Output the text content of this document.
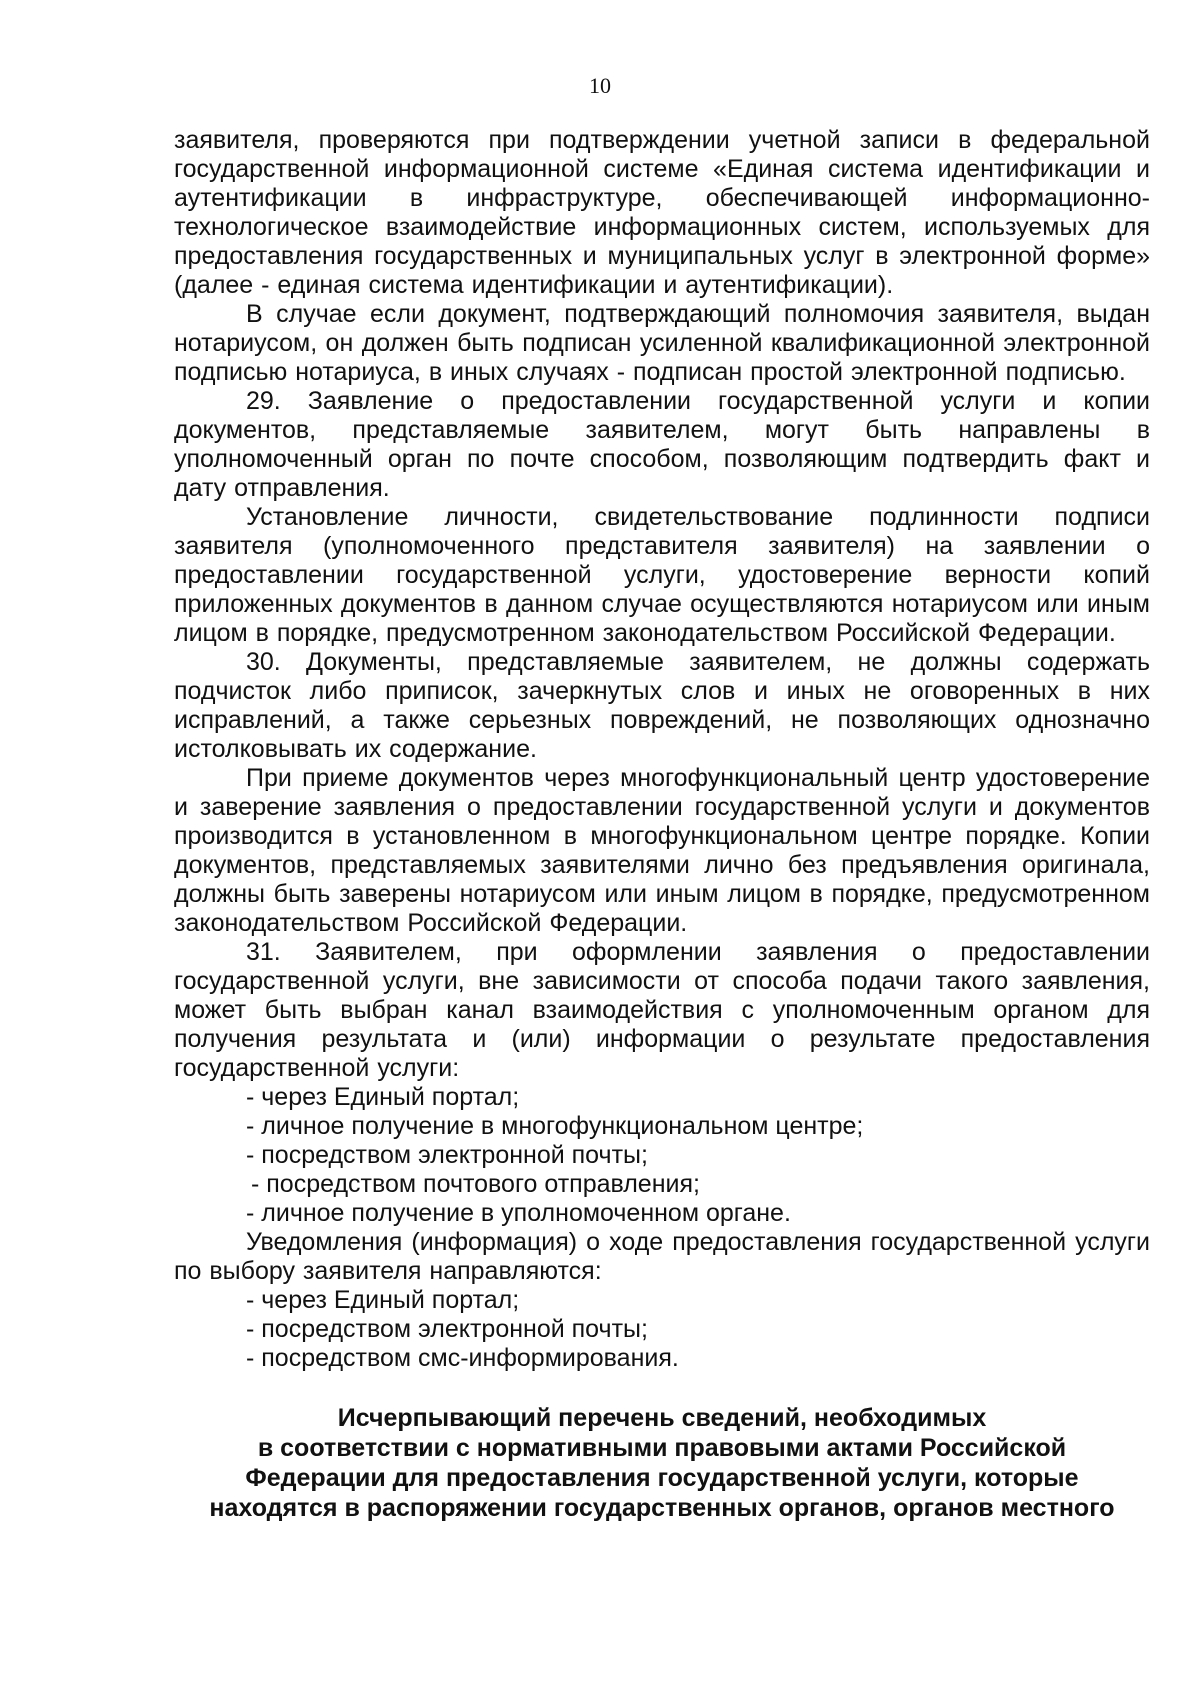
10

заявителя, проверяются при подтверждении учетной записи в федеральной государственной информационной системе «Единая система идентификации и аутентификации в инфраструктуре, обеспечивающей информационно-технологическое взаимодействие информационных систем, используемых для предоставления государственных и муниципальных услуг в электронной форме» (далее - единая система идентификации и аутентификации).

В случае если документ, подтверждающий полномочия заявителя, выдан нотариусом, он должен быть подписан усиленной квалификационной электронной подписью нотариуса, в иных случаях - подписан простой электронной подписью.

29. Заявление о предоставлении государственной услуги и копии документов, представляемые заявителем, могут быть направлены в уполномоченный орган по почте способом, позволяющим подтвердить факт и дату отправления.

Установление личности, свидетельствование подлинности подписи заявителя (уполномоченного представителя заявителя) на заявлении о предоставлении государственной услуги, удостоверение верности копий приложенных документов в данном случае осуществляются нотариусом или иным лицом в порядке, предусмотренном законодательством Российской Федерации.

30. Документы, представляемые заявителем, не должны содержать подчисток либо приписок, зачеркнутых слов и иных не оговоренных в них исправлений, а также серьезных повреждений, не позволяющих однозначно истолковывать их содержание.

При приеме документов через многофункциональный центр удостоверение и заверение заявления о предоставлении государственной услуги и документов производится в установленном в многофункциональном центре порядке. Копии документов, представляемых заявителями лично без предъявления оригинала, должны быть заверены нотариусом или иным лицом в порядке, предусмотренном законодательством Российской Федерации.

31. Заявителем, при оформлении заявления о предоставлении государственной услуги, вне зависимости от способа подачи такого заявления, может быть выбран канал взаимодействия с уполномоченным органом для получения результата и (или) информации о результате предоставления государственной услуги:

- через Единый портал;

- личное получение в многофункциональном центре;

- посредством электронной почты;

- посредством почтового отправления;

- личное получение в уполномоченном органе.

Уведомления (информация) о ходе предоставления государственной услуги по выбору заявителя направляются:

- через Единый портал;

- посредством электронной почты;

- посредством смс-информирования.

Исчерпывающий перечень сведений, необходимых
в соответствии с нормативными правовыми актами Российской
Федерации для предоставления государственной услуги, которые
находятся в распоряжении государственных органов, органов местного
